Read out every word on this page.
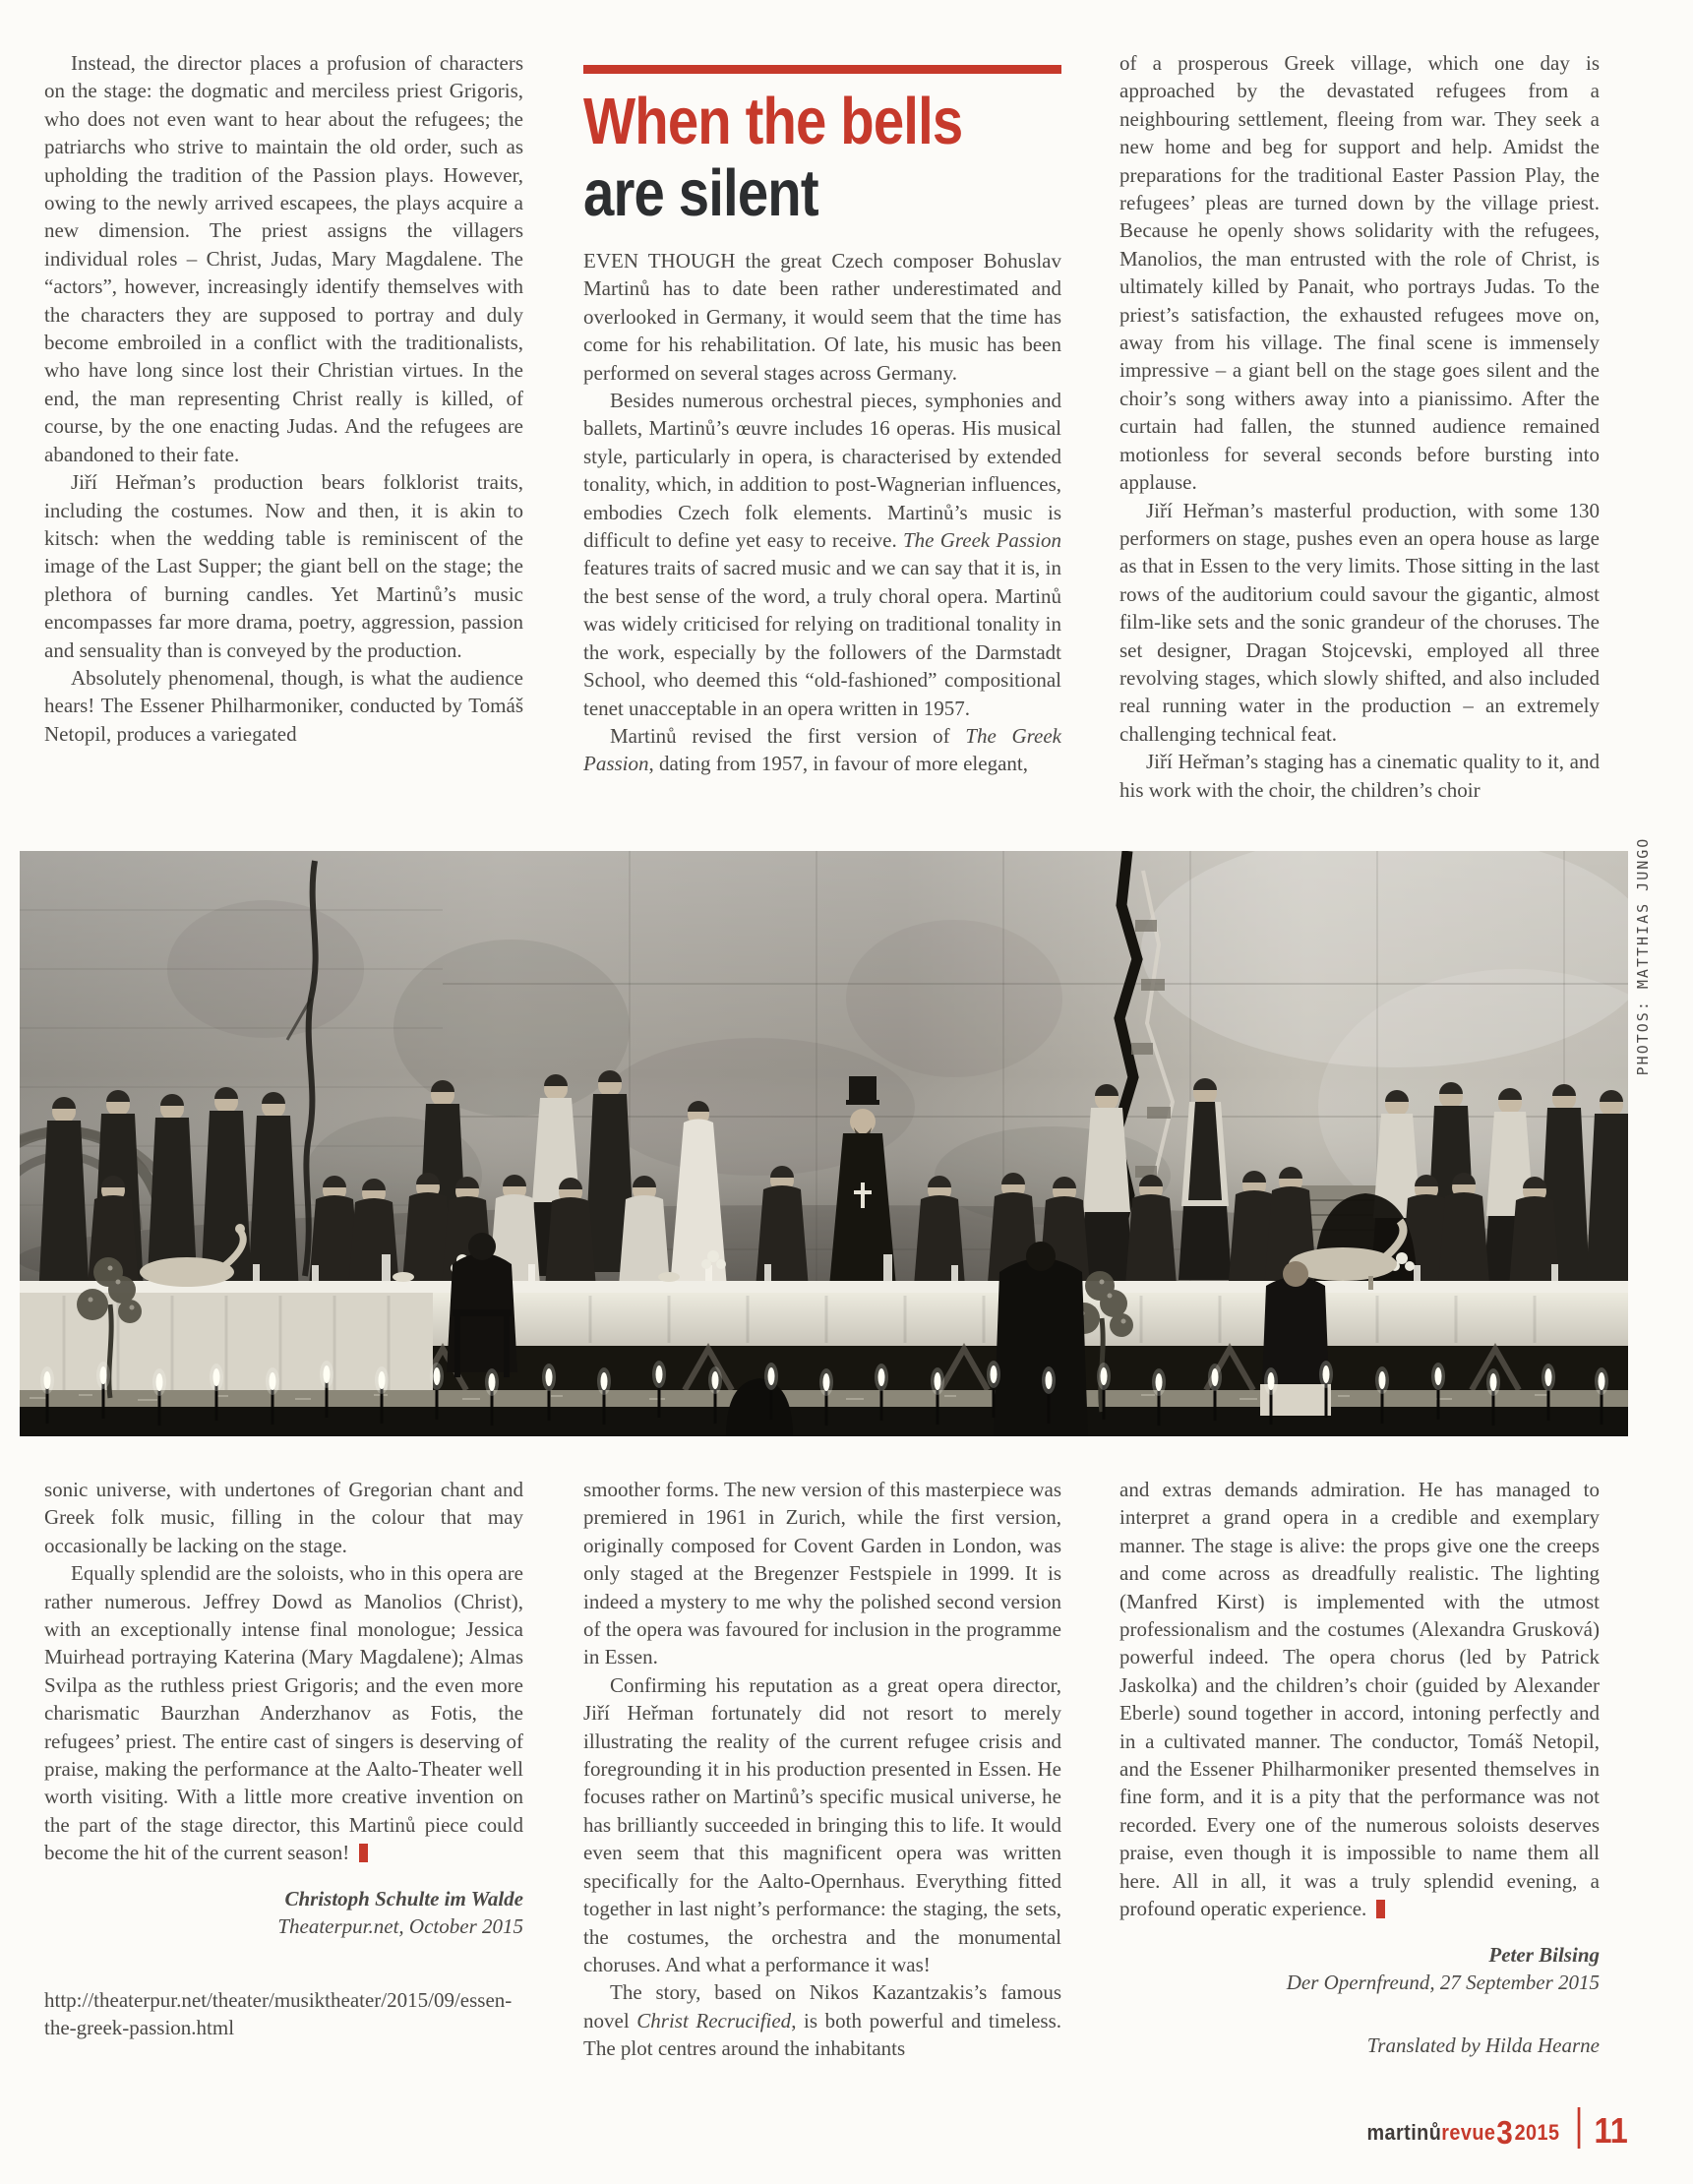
Instead, the director places a profusion of characters on the stage: the dogmatic and merciless priest Grigoris, who does not even want to hear about the refugees; the patriarchs who strive to maintain the old order, such as upholding the tradition of the Passion plays. However, owing to the newly arrived escapees, the plays acquire a new dimension. The priest assigns the villagers individual roles – Christ, Judas, Mary Magdalene. The “actors”, however, increasingly identify themselves with the characters they are supposed to portray and duly become embroiled in a conflict with the traditionalists, who have long since lost their Christian virtues. In the end, the man representing Christ really is killed, of course, by the one enacting Judas. And the refugees are abandoned to their fate.

Jiří Heřman’s production bears folklorist traits, including the costumes. Now and then, it is akin to kitsch: when the wedding table is reminiscent of the image of the Last Supper; the giant bell on the stage; the plethora of burning candles. Yet Martinů’s music encompasses far more drama, poetry, aggression, passion and sensuality than is conveyed by the production.

Absolutely phenomenal, though, is what the audience hears! The Essener Philharmoniker, conducted by Tomáš Netopil, produces a variegated

When the bells
are silent

EVEN THOUGH the great Czech composer Bohuslav Martinů has to date been rather underestimated and overlooked in Germany, it would seem that the time has come for his rehabilitation. Of late, his music has been performed on several stages across Germany.

Besides numerous orchestral pieces, symphonies and ballets, Martinů’s œuvre includes 16 operas. His musical style, particularly in opera, is characterised by extended tonality, which, in addition to post-Wagnerian influences, embodies Czech folk elements. Martinů’s music is difficult to define yet easy to receive. The Greek Passion features traits of sacred music and we can say that it is, in the best sense of the word, a truly choral opera. Martinů was widely criticised for relying on traditional tonality in the work, especially by the followers of the Darmstadt School, who deemed this “old-fashioned” compositional tenet unacceptable in an opera written in 1957.

Martinů revised the first version of The Greek Passion, dating from 1957, in favour of more elegant,

of a prosperous Greek village, which one day is approached by the devastated refugees from a neighbouring settlement, fleeing from war. They seek a new home and beg for support and help. Amidst the preparations for the traditional Easter Passion Play, the refugees’ pleas are turned down by the village priest. Because he openly shows solidarity with the refugees, Manolios, the man entrusted with the role of Christ, is ultimately killed by Panait, who portrays Judas. To the priest’s satisfaction, the exhausted refugees move on, away from his village. The final scene is immensely impressive – a giant bell on the stage goes silent and the choir’s song withers away into a pianissimo. After the curtain had fallen, the stunned audience remained motionless for several seconds before bursting into applause.

Jiří Heřman’s masterful production, with some 130 performers on stage, pushes even an opera house as large as that in Essen to the very limits. Those sitting in the last rows of the auditorium could savour the gigantic, almost film-like sets and the sonic grandeur of the choruses. The set designer, Dragan Stojcevski, employed all three revolving stages, which slowly shifted, and also included real running water in the production – an extremely challenging technical feat.

Jiří Heřman’s staging has a cinematic quality to it, and his work with the choir, the children’s choir

PHOTOS: MATTHIAS JUNGO

sonic universe, with undertones of Gregorian chant and Greek folk music, filling in the colour that may occasionally be lacking on the stage.

Equally splendid are the soloists, who in this opera are rather numerous. Jeffrey Dowd as Manolios (Christ), with an exceptionally intense final monologue; Jessica Muirhead portraying Katerina (Mary Magdalene); Almas Svilpa as the ruthless priest Grigoris; and the even more charismatic Baurzhan Anderzhanov as Fotis, the refugees’ priest. The entire cast of singers is deserving of praise, making the performance at the Aalto-Theater well worth visiting. With a little more creative invention on the part of the stage director, this Martinů piece could become the hit of the current season!

Christoph Schulte im Walde

Theaterpur.net, October 2015

http://theaterpur.net/theater/musiktheater/2015/09/essen-the-greek-passion.html

smoother forms. The new version of this masterpiece was premiered in 1961 in Zurich, while the first version, originally composed for Covent Garden in London, was only staged at the Bregenzer Festspiele in 1999. It is indeed a mystery to me why the polished second version of the opera was favoured for inclusion in the programme in Essen.

Confirming his reputation as a great opera director, Jiří Heřman fortunately did not resort to merely illustrating the reality of the current refugee crisis and foregrounding it in his production presented in Essen. He focuses rather on Martinů’s specific musical universe, he has brilliantly succeeded in bringing this to life. It would even seem that this magnificent opera was written specifically for the Aalto-Opernhaus. Everything fitted together in last night’s performance: the staging, the sets, the costumes, the orchestra and the monumental choruses. And what a performance it was!

The story, based on Nikos Kazantzakis’s famous novel Christ Recrucified, is both powerful and timeless. The plot centres around the inhabitants

and extras demands admiration. He has managed to interpret a grand opera in a credible and exemplary manner. The stage is alive: the props give one the creeps and come across as dreadfully realistic. The lighting (Manfred Kirst) is implemented with the utmost professionalism and the costumes (Alexandra Grusková) powerful indeed. The opera chorus (led by Patrick Jaskolka) and the children’s choir (guided by Alexander Eberle) sound together in accord, intoning perfectly and in a cultivated manner. The conductor, Tomáš Netopil, and the Essener Philharmoniker presented themselves in fine form, and it is a pity that the performance was not recorded. Every one of the numerous soloists deserves praise, even though it is impossible to name them all here. All in all, it was a truly splendid evening, a profound operatic experience.

Peter Bilsing

Der Opernfreund, 27 September 2015

Translated by Hilda Hearne

martinů revue 3 2015 11
